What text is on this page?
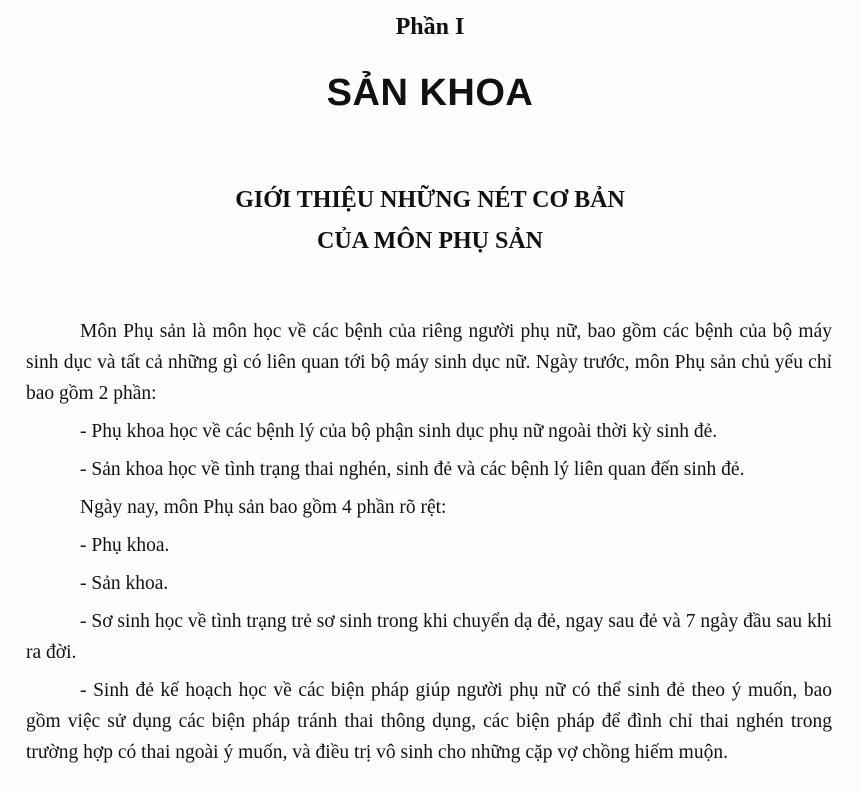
Phần I
SẢN KHOA
GIỚI THIỆU NHỮNG NÉT CƠ BẢN
CỦA MÔN PHỤ SẢN

Môn Phụ sản là môn học về các bệnh của riêng người phụ nữ, bao gồm các bệnh của bộ máy sinh dục và tất cả những gì có liên quan tới bộ máy sinh dục nữ. Ngày trước, môn Phụ sản chủ yếu chỉ bao gồm 2 phần:

- Phụ khoa học về các bệnh lý của bộ phận sinh dục phụ nữ ngoài thời kỳ sinh đẻ.

- Sản khoa học về tình trạng thai nghén, sinh đẻ và các bệnh lý liên quan đến sinh đẻ.

Ngày nay, môn Phụ sản bao gồm 4 phần rõ rệt:

- Phụ khoa.

- Sản khoa.

- Sơ sinh học về tình trạng trẻ sơ sinh trong khi chuyển dạ đẻ, ngay sau đẻ và 7 ngày đầu sau khi ra đời.

- Sinh đẻ kế hoạch học về các biện pháp giúp người phụ nữ có thể sinh đẻ theo ý muốn, bao gồm việc sử dụng các biện pháp tránh thai thông dụng, các biện pháp để đình chỉ thai nghén trong trường hợp có thai ngoài ý muốn, và điều trị vô sinh cho những cặp vợ chồng hiếm muộn.
